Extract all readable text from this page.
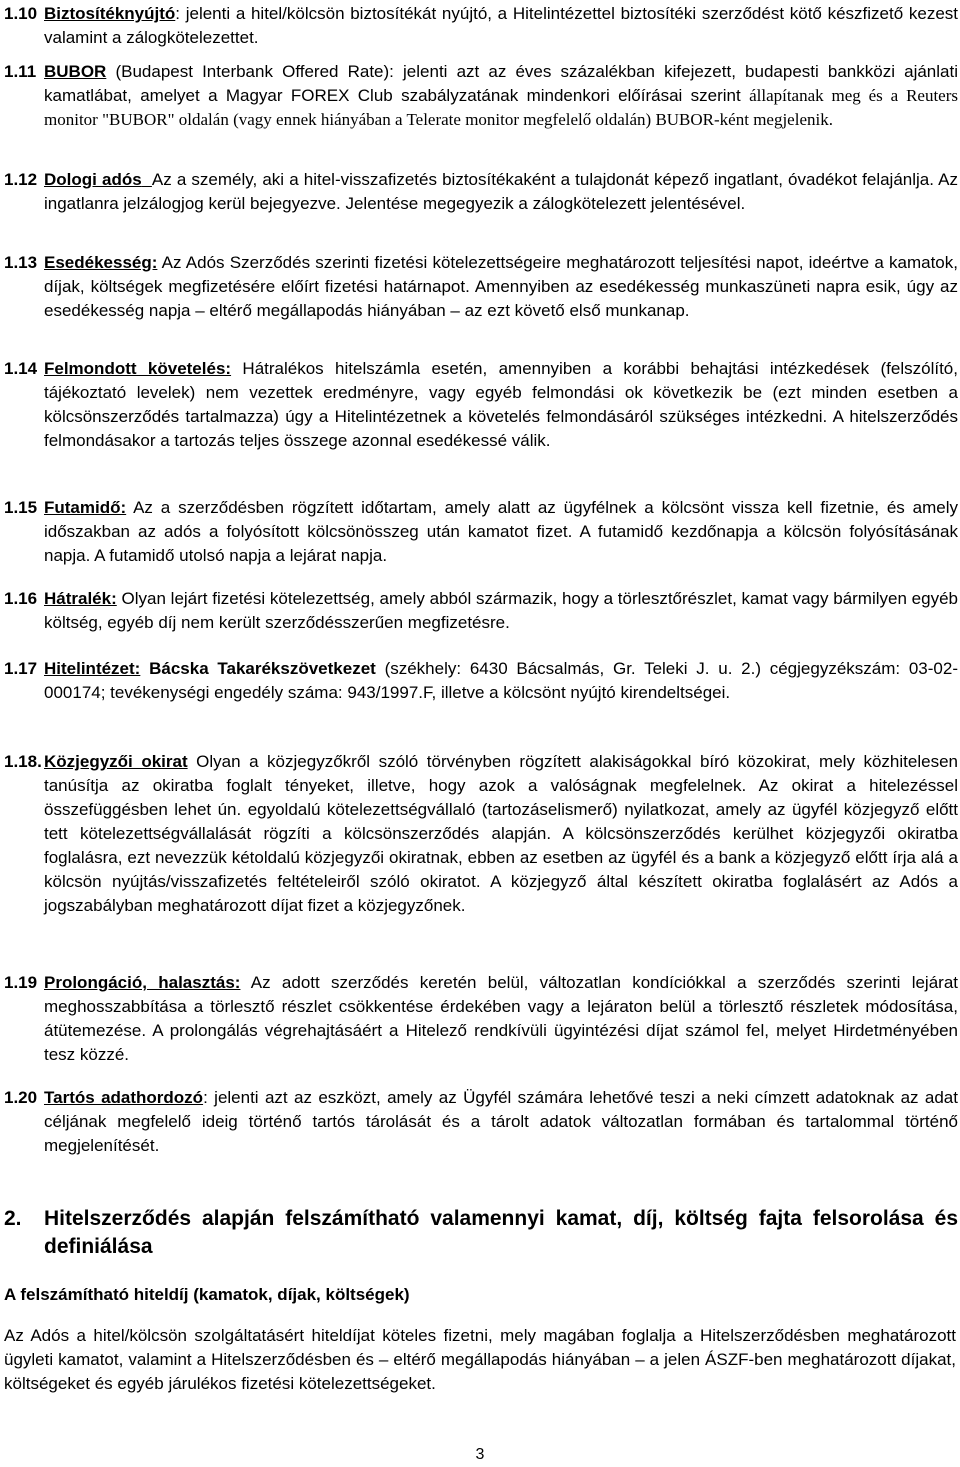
1.10 Biztosítéknyújtó: jelenti a hitel/kölcsön biztosítékát nyújtó, a Hitelintézettel biztosítéki szerződést kötő készfizető kezest valamint a zálogkötelezettet.
1.11 BUBOR (Budapest Interbank Offered Rate): jelenti azt az éves százalékban kifejezett, budapesti bankközi ajánlati kamatlábat, amelyet a Magyar FOREX Club szabályzatának mindenkori előírásai szerint állapítanak meg és a Reuters monitor "BUBOR" oldalán (vagy ennek hiányában a Telerate monitor megfelelő oldalán) BUBOR-ként megjelenik.
1.12 Dologi adós Az a személy, aki a hitel-visszafizetés biztosítékaként a tulajdonát képező ingatlant, óvadékot felajánlja. Az ingatlanra jelzálogjog kerül bejegyezve. Jelentése megegyezik a zálogkötelezett jelentésével.
1.13 Esedékesség: Az Adós Szerződés szerinti fizetési kötelezettségeire meghatározott teljesítési napot, ideértve a kamatok, díjak, költségek megfizetésére előírt fizetési határnapot. Amennyiben az esedékesség munkaszüneti napra esik, úgy az esedékesség napja – eltérő megállapodás hiányában – az ezt követő első munkanap.
1.14 Felmondott követelés: Hátralékos hitelszámla esetén, amennyiben a korábbi behajtási intézkedések (felszólító, tájékoztató levelek) nem vezettek eredményre, vagy egyéb felmondási ok következik be (ezt minden esetben a kölcsönszerződés tartalmazza) úgy a Hitelintézetnek a követelés felmondásáról szükséges intézkedni. A hitelszerződés felmondásakor a tartozás teljes összege azonnal esedékessé válik.
1.15 Futamidő: Az a szerződésben rögzített időtartam, amely alatt az ügyfélnek a kölcsönt vissza kell fizetnie, és amely időszakban az adós a folyósított kölcsönösszeg után kamatot fizet. A futamidő kezdőnapja a kölcsön folyósításának napja. A futamidő utolsó napja a lejárat napja.
1.16 Hátralék: Olyan lejárt fizetési kötelezettség, amely abból származik, hogy a törlesztőrészlet, kamat vagy bármilyen egyéb költség, egyéb díj nem került szerződésszerűen megfizetésre.
1.17 Hitelintézet: Bácska Takarékszövetkezet (székhely: 6430 Bácsalmás, Gr. Teleki J. u. 2.) cégjegyzékszám: 03-02-000174; tevékenységi engedély száma: 943/1997.F, illetve a kölcsönt nyújtó kirendeltségei.
1.18. Közjegyzői okirat Olyan a közjegyzőkről szóló törvényben rögzített alakiságokkal bíró közokirat, mely közhitelesen tanúsítja az okiratba foglalt tényeket, illetve, hogy azok a valóságnak megfelelnek. Az okirat a hitelezéssel összefüggésben lehet ún. egyoldalú kötelezettségvállaló (tartozáselismerő) nyilatkozat, amely az ügyfél közjegyző előtt tett kötelezettségvállalását rögzíti a kölcsönszerződés alapján. A kölcsönszerződés kerülhet közjegyzői okiratba foglalásra, ezt nevezzük kétoldalú közjegyzői okiratnak, ebben az esetben az ügyfél és a bank a közjegyző előtt írja alá a kölcsön nyújtás/visszafizetés feltételeiről szóló okiratot. A közjegyző által készített okiratba foglalásért az Adós a jogszabályban meghatározott díjat fizet a közjegyzőnek.
1.19 Prolongáció, halasztás: Az adott szerződés keretén belül, változatlan kondíciókkal a szerződés szerinti lejárat meghosszabbítása a törlesztő részlet csökkentése érdekében vagy a lejáraton belül a törlesztő részletek módosítása, átütemezése. A prolongálás végrehajtásáért a Hitelező rendkívüli ügyintézési díjat számol fel, melyet Hirdetményében tesz közzé.
1.20 Tartós adathordozó: jelenti azt az eszközt, amely az Ügyfél számára lehetővé teszi a neki címzett adatoknak az adat céljának megfelelő ideig történő tartós tárolását és a tárolt adatok változatlan formában és tartalommal történő megjelenítését.
2. Hitelszerződés alapján felszámítható valamennyi kamat, díj, költség fajta felsorolása és definiálása
A felszámítható hiteldíj (kamatok, díjak, költségek)
Az Adós a hitel/kölcsön szolgáltatásért hiteldíjat köteles fizetni, mely magában foglalja a Hitelszerződésben meghatározott ügyleti kamatot, valamint a Hitelszerződésben és – eltérő megállapodás hiányában – a jelen ÁSZF-ben meghatározott díjakat, költségeket és egyéb járulékos fizetési kötelezettségeket.
3
